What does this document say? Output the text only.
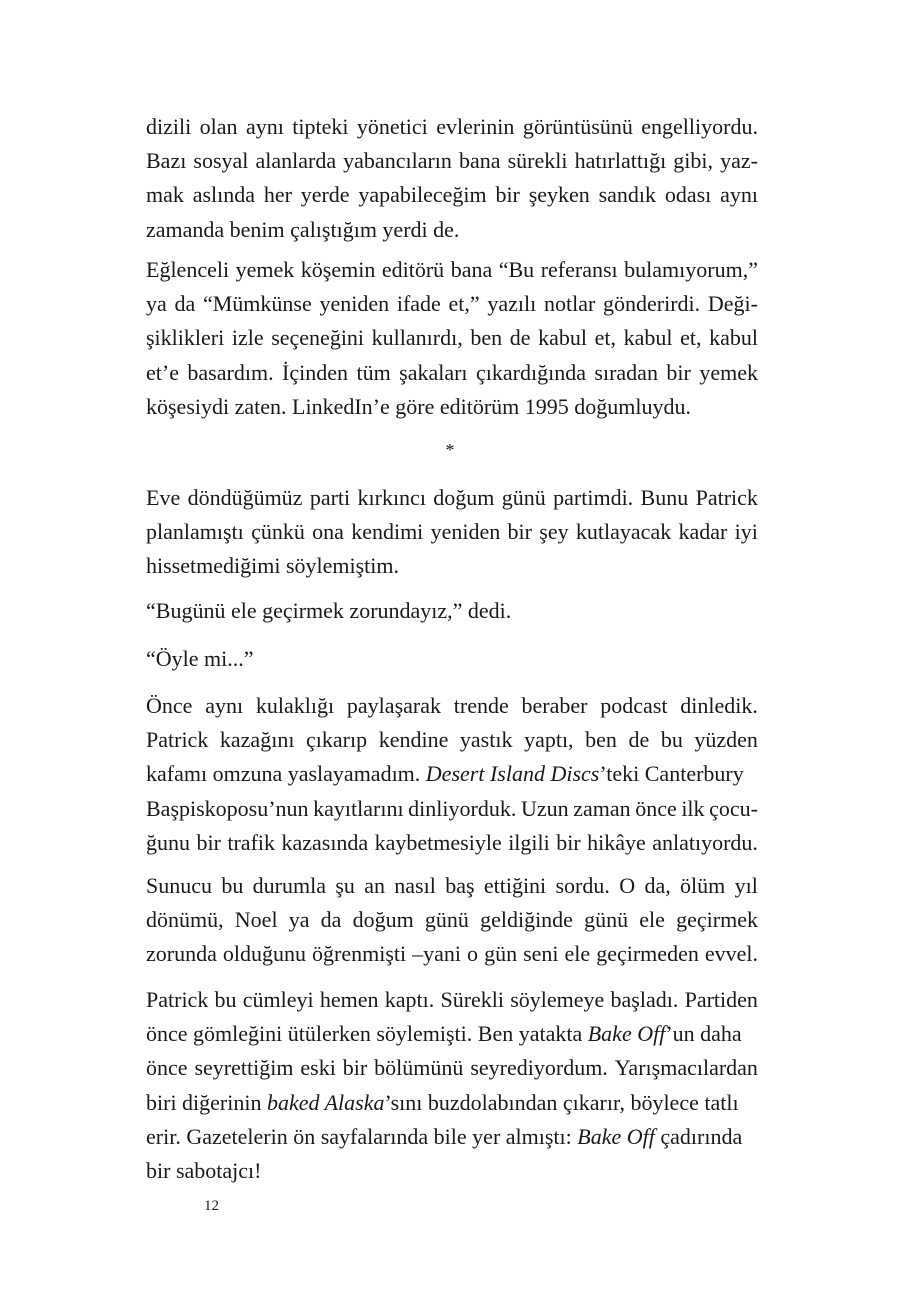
dizili olan aynı tipteki yönetici evlerinin görüntüsünü engelliyordu.
Bazı sosyal alanlarda yabancıların bana sürekli hatırlattığı gibi, yaz-
mak aslında her yerde yapabileceğim bir şeyken sandık odası aynı
zamanda benim çalıştığım yerdi de.
Eğlenceli yemek köşemin editörü bana “Bu referansı bulamıyorum,”
ya da “Mümkünse yeniden ifade et,” yazılı notlar gönderirdi. Deği-
şiklikleri izle seçeneğini kullanırdı, ben de kabul et, kabul et, kabul
et’e basardım. İçinden tüm şakaları çıkardığında sıradan bir yemek
köşesiydi zaten. LinkedIn’e göre editörüm 1995 doğumluydu.
*
Eve döndüğümüz parti kırkıncı doğum günü partimdi. Bunu Patrick
planlamıştı çünkü ona kendimi yeniden bir şey kutlayacak kadar iyi
hissetmediğimi söylemiştim.
“Bugünü ele geçirmek zorundayız,” dedi.
“Öyle mi...”
Önce aynı kulaklığı paylaşarak trende beraber podcast dinledik.
Patrick kazağını çıkarıp kendine yastık yaptı, ben de bu yüzden
kafamı omzuna yaslayamadım. Desert Island Discs’teki Canterbury
Başpiskoposu’nun kayıtlarını dinliyorduk. Uzun zaman önce ilk çocu-
ğunu bir trafik kazasında kaybetmesiyle ilgili bir hikâye anlatıyordu.
Sunucu bu durumla şu an nasıl baş ettiğini sordu. O da, ölüm yıl
dönümü, Noel ya da doğum günü geldiğinde günü ele geçirmek
zorunda olduğunu öğrenmişti –yani o gün seni ele geçirmeden evvel.
Patrick bu cümleyi hemen kaptı. Sürekli söylemeye başladı. Partiden
önce gömleğini ütülerken söylemişti. Ben yatakta Bake Off’un daha
önce seyrettiğim eski bir bölümünü seyrediyordum. Yarışmacılardan
biri diğerinin baked Alaska’sını buzdolabından çıkarır, böylece tatlı
erir. Gazetelerin ön sayfalarında bile yer almıştı: Bake Off çadırında
bir sabotajcı!
12
